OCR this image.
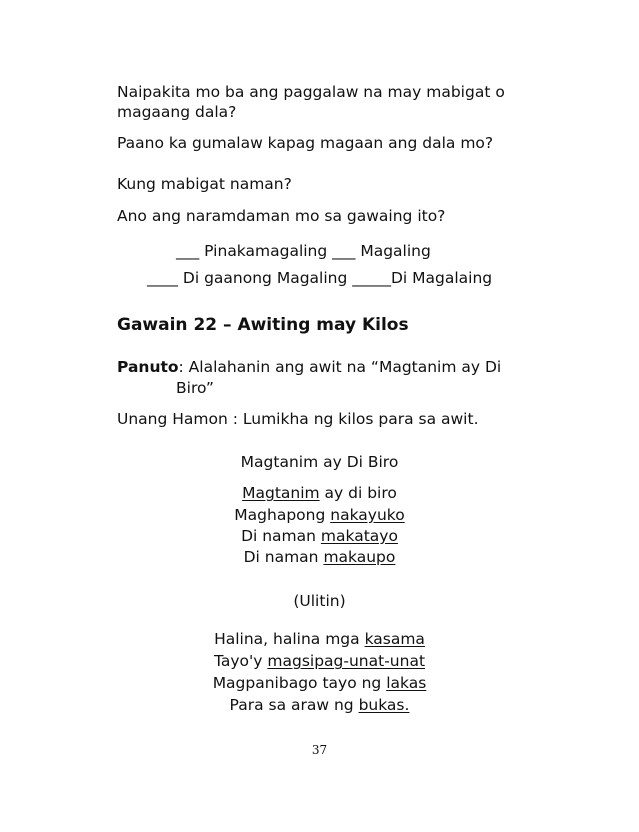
Naipakita mo ba ang paggalaw na may mabigat o

magaang dala?

Paano ka gumalaw kapag magaan ang dala mo?

Kung mabigat naman?

Ano ang naramdaman mo sa gawaing ito?

___ Pinakamagaling ___ Magaling

____ Di gaanong Magaling _____Di Magalaing

Gawain 22 – Awiting may Kilos

Panuto: Alalahanin ang awit na “Magtanim ay Di

Biro”

Unang Hamon : Lumikha ng kilos para sa awit.

Magtanim ay Di Biro

Magtanim ay di biro

Maghapong nakayuko

Di naman makatayo

Di naman makaupo

(Ulitin)

Halina, halina mga kasama

Tayo'y magsipag-unat-unat

Magpanibago tayo ng lakas

Para sa araw ng bukas.

37
